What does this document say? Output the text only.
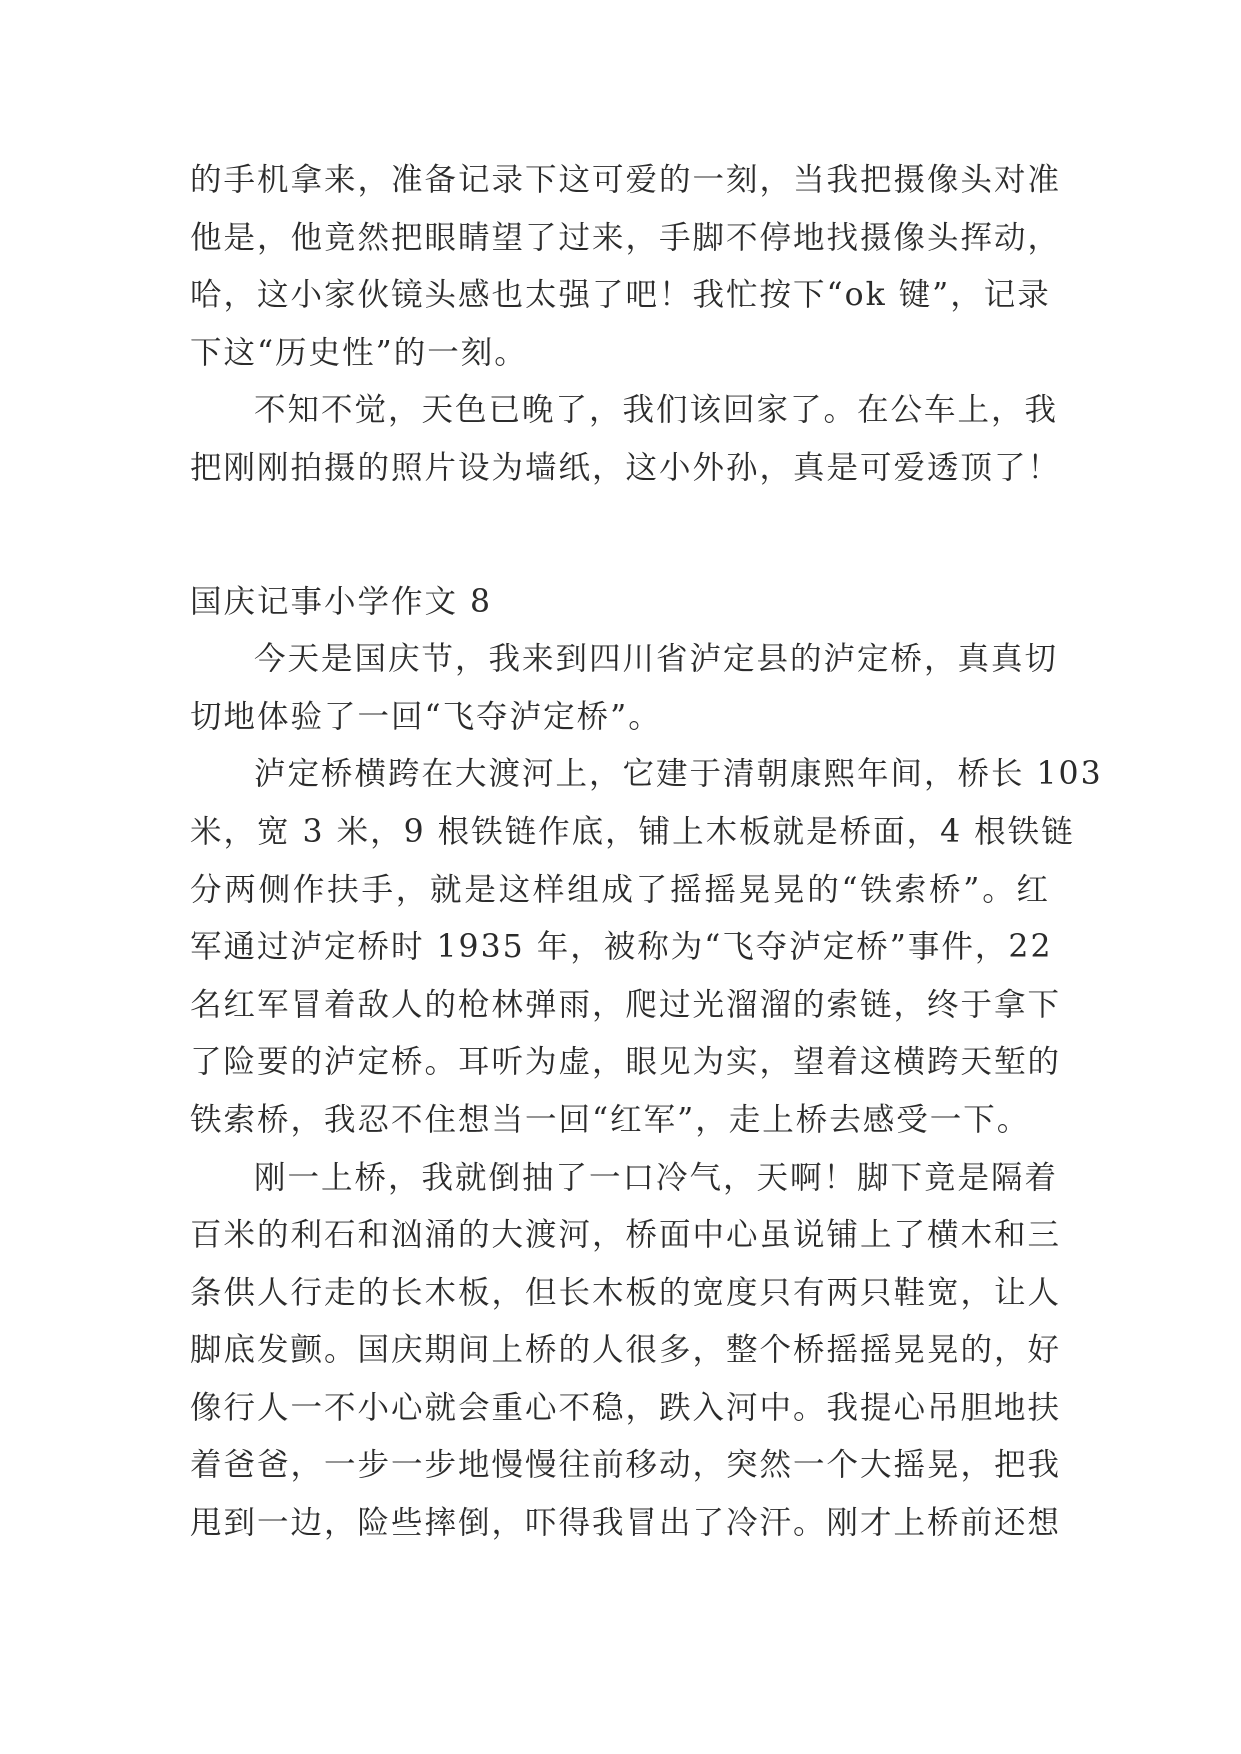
的手机拿来，准备记录下这可爱的一刻，当我把摄像头对准
他是，他竟然把眼睛望了过来，手脚不停地找摄像头挥动，
哈，这小家伙镜头感也太强了吧！我忙按下“ok 键”，记录
下这“历史性”的一刻。
不知不觉，天色已晚了，我们该回家了。在公车上，我
把刚刚拍摄的照片设为墙纸，这小外孙，真是可爱透顶了！
国庆记事小学作文 8
今天是国庆节，我来到四川省泸定县的泸定桥，真真切
切地体验了一回“飞夺泸定桥”。
泸定桥横跨在大渡河上，它建于清朝康熙年间，桥长 103
米，宽 3 米，9 根铁链作底，铺上木板就是桥面，4 根铁链
分两侧作扶手，就是这样组成了摇摇晃晃的“铁索桥”。红
军通过泸定桥时 1935 年，被称为“飞夺泸定桥”事件，22
名红军冒着敌人的枪林弹雨，爬过光溜溜的索链，终于拿下
了险要的泸定桥。耳听为虚，眼见为实，望着这横跨天堑的
铁索桥，我忍不住想当一回“红军”，走上桥去感受一下。
刚一上桥，我就倒抽了一口冷气，天啊！脚下竟是隔着
百米的利石和汹涌的大渡河，桥面中心虽说铺上了横木和三
条供人行走的长木板，但长木板的宽度只有两只鞋宽，让人
脚底发颤。国庆期间上桥的人很多，整个桥摇摇晃晃的，好
像行人一不小心就会重心不稳，跌入河中。我提心吊胆地扶
着爸爸，一步一步地慢慢往前移动，突然一个大摇晃，把我
甩到一边，险些摔倒，吓得我冒出了冷汗。刚才上桥前还想
